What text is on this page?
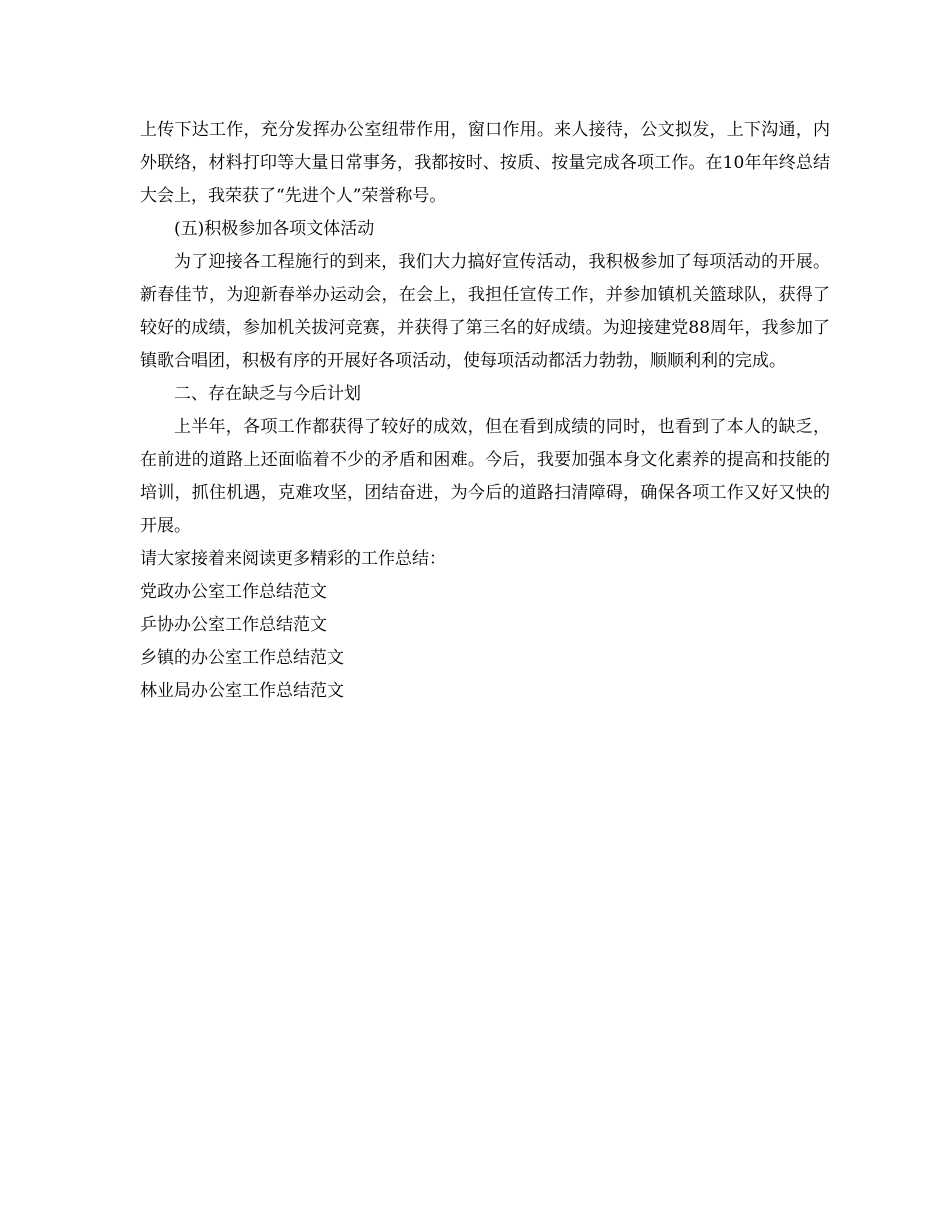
上传下达工作，充分发挥办公室纽带作用，窗口作用。来人接待，公文拟发，上下沟通，内外联络，材料打印等大量日常事务，我都按时、按质、按量完成各项工作。在10年年终总结大会上，我荣获了“先进个人”荣誉称号。

(五)积极参加各项文体活动

为了迎接各工程施行的到来，我们大力搞好宣传活动，我积极参加了每项活动的开展。新春佳节，为迎新春举办运动会，在会上，我担任宣传工作，并参加镇机关篮球队，获得了较好的成绩，参加机关拔河竞赛，并获得了第三名的好成绩。为迎接建党88周年，我参加了镇歌合唱团，积极有序的开展好各项活动，使每项活动都活力勃勃，顺顺利利的完成。

二、存在缺乏与今后计划

上半年，各项工作都获得了较好的成效，但在看到成绩的同时，也看到了本人的缺乏，在前进的道路上还面临着不少的矛盾和困难。今后，我要加强本身文化素养的提高和技能的培训，抓住机遇，克难攻坚，团结奋进，为今后的道路扫清障碍，确保各项工作又好又快的开展。

请大家接着来阅读更多精彩的工作总结：

党政办公室工作总结范文

乒协办公室工作总结范文

乡镇的办公室工作总结范文

林业局办公室工作总结范文
